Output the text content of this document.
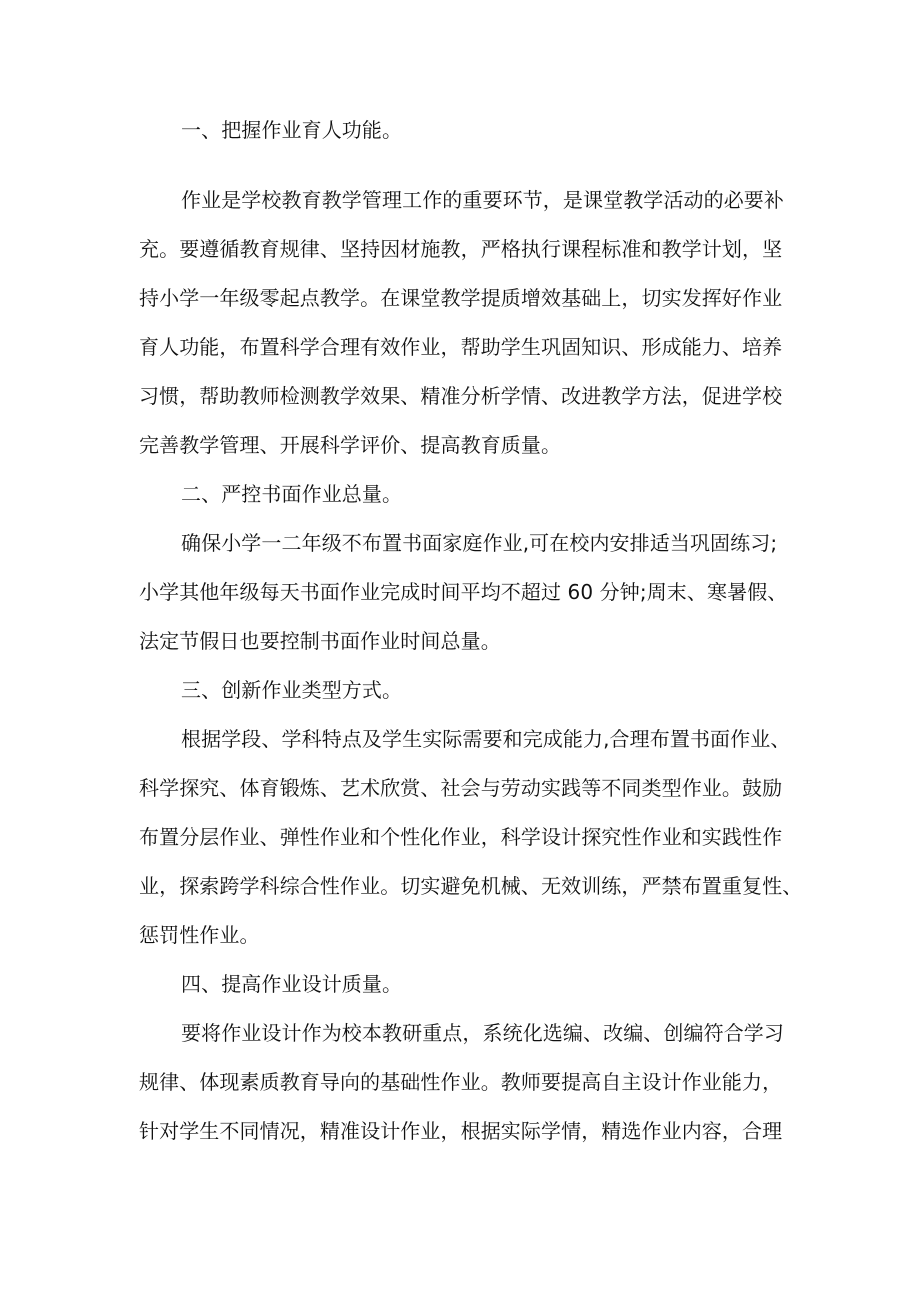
一、把握作业育人功能。
作业是学校教育教学管理工作的重要环节，是课堂教学活动的必要补
充。要遵循教育规律、坚持因材施教，严格执行课程标准和教学计划，坚
持小学一年级零起点教学。在课堂教学提质增效基础上，切实发挥好作业
育人功能，布置科学合理有效作业，帮助学生巩固知识、形成能力、培养
习惯，帮助教师检测教学效果、精准分析学情、改进教学方法，促进学校
完善教学管理、开展科学评价、提高教育质量。
二、严控书面作业总量。
确保小学一二年级不布置书面家庭作业,可在校内安排适当巩固练习;
小学其他年级每天书面作业完成时间平均不超过 60 分钟;周末、寒暑假、
法定节假日也要控制书面作业时间总量。
三、创新作业类型方式。
根据学段、学科特点及学生实际需要和完成能力,合理布置书面作业、
科学探究、体育锻炼、艺术欣赏、社会与劳动实践等不同类型作业。鼓励
布置分层作业、弹性作业和个性化作业，科学设计探究性作业和实践性作
业，探索跨学科综合性作业。切实避免机械、无效训练，严禁布置重复性、
惩罚性作业。
四、提高作业设计质量。
要将作业设计作为校本教研重点，系统化选编、改编、创编符合学习
规律、体现素质教育导向的基础性作业。教师要提高自主设计作业能力，
针对学生不同情况，精准设计作业，根据实际学情，精选作业内容，合理
